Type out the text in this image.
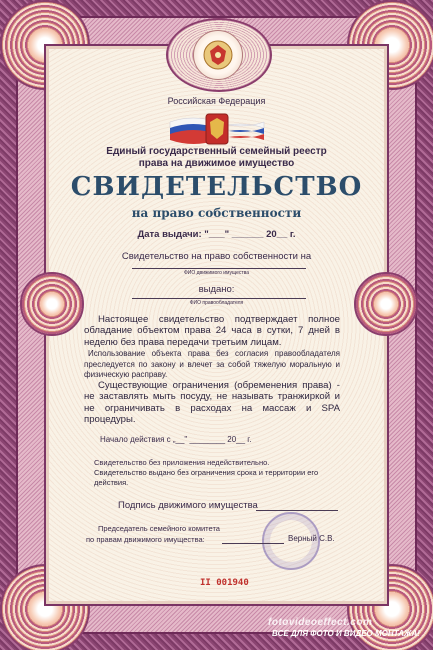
Российская Федерация
Единый государственный семейный реестр
права на движимое имущество
СВИДЕТЕЛЬСТВО
на право собственности
Дата выдачи: "___" ______ 20__ г.
Свидетельство на право собственности на
ФИО движимого имущества
выдано:
ФИО правообладателя
Настоящее свидетельство подтверждает полное обладание объектом права 24 часа в сутки, 7 дней в неделю без права передачи третьим лицам.
Использование объекта права без согласия правообладателя преследуется по закону и влечет за собой тяжелую моральную и физическую расправу.
Существующие ограничения (обременения права) - не заставлять мыть посуду, не называть транжиркой и не ограничивать в расходах на массаж и SPA процедуры.
Начало действия с „__" ________ 20__ г.
Свидетельство без приложения недействительно.
Свидетельство выдано без ограничения срока и территории его действия.
Подпись движимого имущества
Председатель семейного комитета
по правам движимого имущества:	Верный С.В.
II 001940
fotovideoeffect.com
ВСЕ ДЛЯ ФОТО И ВИДЕО МОНТАЖА!
